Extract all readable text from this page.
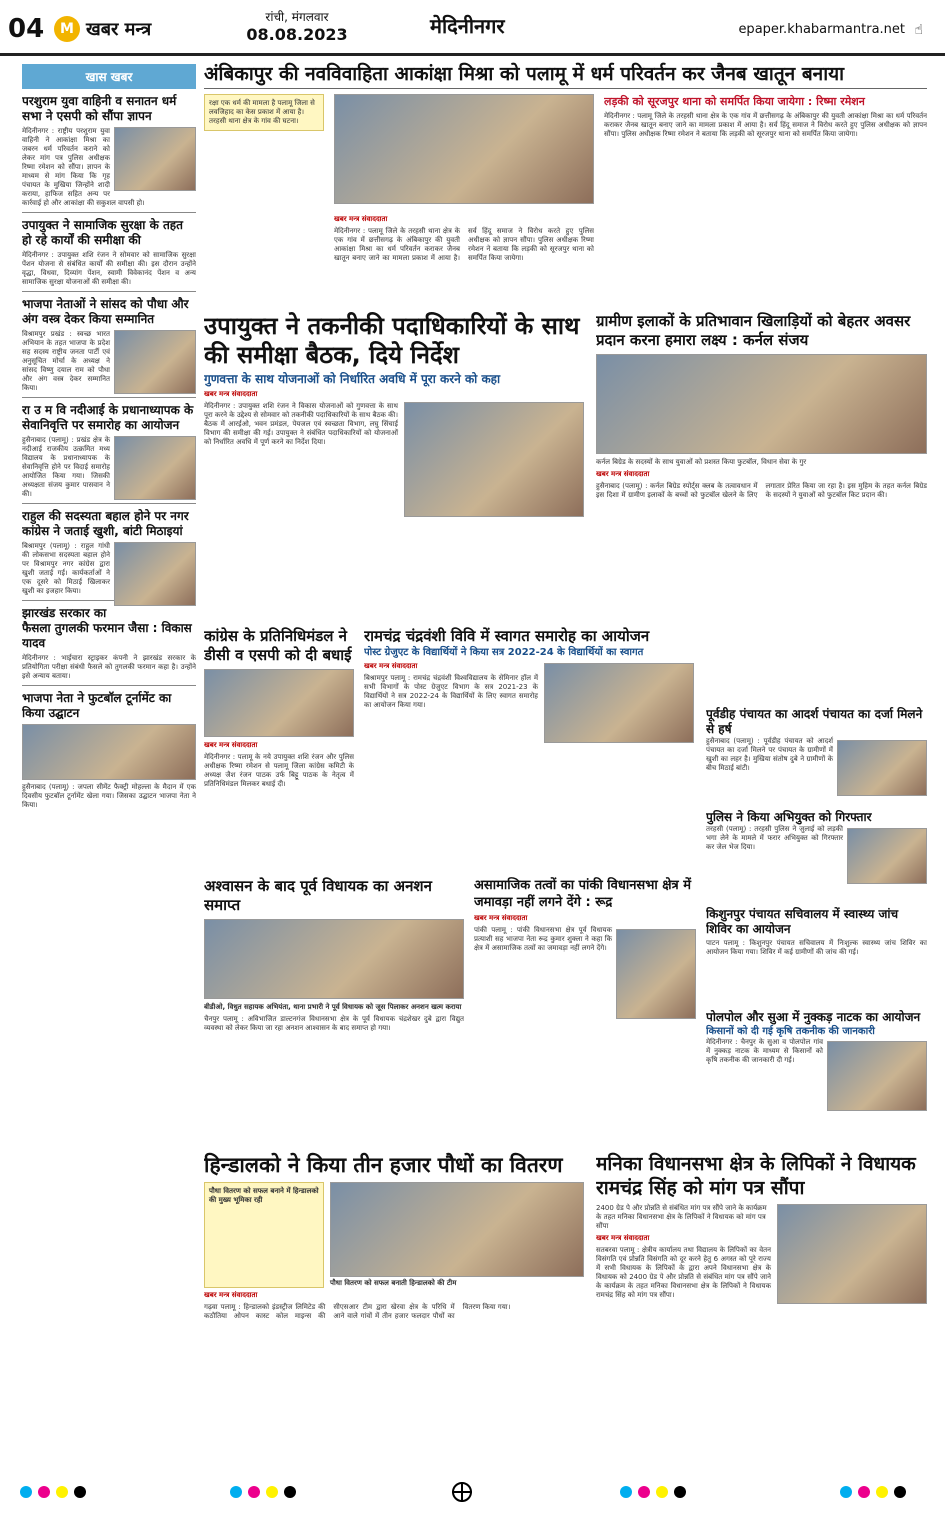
04	M खबर मन्त्र
रांची, मंगलवार
08.08.2023	मेदिनीनगर	epaper.khabarmantra.net ☝
खास खबर
परशुराम युवा वाहिनी व सनातन धर्म सभा ने एसपी को सौंपा ज्ञापन
मेदिनीनगर : राष्ट्रीय परशुराम युवा वाहिनी ने आकांक्षा मिश्रा का जबरन धर्म परिवर्तन कराने को लेकर मांग पत्र पुलिस अधीक्षक रिष्मा रमेशन को सौंपा। ज्ञापन के माध्यम से मांग किया कि गृह पंचायत के मुखिया जिन्होंने शादी कराया, हाफिज सहित अन्य पर कार्रवाई हो और आकांक्षा की सकुशल वापसी हो।
उपायुक्त ने सामाजिक सुरक्षा के तहत हो रहे कार्यों की समीक्षा की
मेदिनीनगर : उपायुक्त शशि रंजन ने सोमवार को सामाजिक सुरक्षा पेंशन योजना से संबंधित कार्यों की समीक्षा की। इस दौरान उन्होंने वृद्धा, विधवा, दिव्यांग पेंशन, स्वामी विवेकानंद पेंशन व अन्य सामाजिक सुरक्षा योजनाओं की समीक्षा की।
भाजपा नेताओं ने सांसद को पौधा और अंग वस्त्र देकर किया सम्मानित
विश्रामपुर प्रखंड : स्वच्छ भारत अभियान के तहत भाजपा के प्रदेश सह सदस्य राष्ट्रीय जनता पार्टी एवं अनुसूचित मोर्चा के अध्यक्ष ने सांसद विष्णु दयाल राम को पौधा और अंग वस्त्र देकर सम्मानित किया।
रा उ म वि नदीआई के प्रधानाध्यापक के सेवानिवृत्ति पर समारोह का आयोजन
हुसैनाबाद (पलामू) : प्रखंड क्षेत्र के नदीआई राजकीय उत्क्रमित मध्य विद्यालय के प्रधानाध्यापक के सेवानिवृत्ति होने पर विदाई समारोह आयोजित किया गया। जिसकी अध्यक्षता संजय कुमार पासवान ने की।
राहुल की सदस्यता बहाल होने पर नगर कांग्रेस ने जताई खुशी, बांटी मिठाइयां
बिश्रामपुर (पलामू) : राहुल गांधी की लोकसभा सदस्यता बहाल होने पर विश्रामपुर नगर कांग्रेस द्वारा खुशी जताई गई। कार्यकर्ताओं ने एक दूसरे को मिठाई खिलाकर खुशी का इजहार किया।
झारखंड सरकार का फैसला तुगलकी फरमान जैसा : विकास यादव
मेदिनीनगर : भाईचारा स्ट्राइकर कंपनी ने झारखंड सरकार के प्रतियोगिता परीक्षा संबंधी फैसले को तुगलकी फरमान कहा है। उन्होंने इसे अन्याय बताया।
भाजपा नेता ने फुटबॉल टूर्नामेंट का किया उद्घाटन
हुसैनाबाद (पलामू) : जपला सीमेंट फैक्ट्री मोहल्ला के मैदान में एक दिवसीय फुटबॉल टूर्नामेंट खेला गया। जिसका उद्घाटन भाजपा नेता ने किया।
अंबिकापुर की नवविवाहिता आकांक्षा मिश्रा को पलामू में धर्म परिवर्तन कर जैनब खातून बनाया
रक्षा एक धर्म की मामला है पलामू जिला से लवजिहाद का केस प्रकाश में आया है। तरहसी थाना क्षेत्र के गांव की घटना।
लड़की को सूरजपुर थाना को समर्पित किया जायेगा : रिष्मा रमेशन
मेदिनीनगर : पलामू जिले के तरहसी थाना क्षेत्र के एक गांव में छत्तीसगढ़ के अंबिकापुर की युवती आकांक्षा मिश्रा का धर्म परिवर्तन कराकर जैनब खातून बनाए जाने का मामला प्रकाश में आया है। सर्व हिंदू समाज ने विरोध करते हुए पुलिस अधीक्षक को ज्ञापन सौंपा। पुलिस अधीक्षक रिष्मा रमेशन ने बताया कि लड़की को सूरजपुर थाना को समर्पित किया जायेगा।
खबर मन्त्र संवाददाता
मेदिनीनगर : पलामू जिले के तरहसी थाना क्षेत्र के एक गांव में छत्तीसगढ़ के अंबिकापुर की युवती आकांक्षा मिश्रा का धर्म परिवर्तन कराकर जैनब खातून बनाए जाने का मामला प्रकाश में आया है। सर्व हिंदू समाज ने विरोध करते हुए पुलिस अधीक्षक को ज्ञापन सौंपा। पुलिस अधीक्षक रिष्मा रमेशन ने बताया कि लड़की को सूरजपुर थाना को समर्पित किया जायेगा।
उपायुक्त ने तकनीकी पदाधिकारियों के साथ की समीक्षा बैठक, दिये निर्देश
गुणवत्ता के साथ योजनाओं को निर्धारित अवधि में पूरा करने को कहा
खबर मन्त्र संवाददाता
मेदिनीनगर : उपायुक्त शशि रंजन ने विकास योजनाओं को गुणवत्ता के साथ पूरा करने के उद्देश्य से सोमवार को तकनीकी पदाधिकारियों के साथ बैठक की। बैठक में आरईओ, भवन प्रमंडल, पेयजल एवं स्वच्छता विभाग, लघु सिंचाई विभाग की समीक्षा की गई। उपायुक्त ने संबंधित पदाधिकारियों को योजनाओं को निर्धारित अवधि में पूर्ण करने का निर्देश दिया।
ग्रामीण इलाकों के प्रतिभावान खिलाड़ियों को बेहतर अवसर प्रदान करना हमारा लक्ष्य : कर्नल संजय
कर्नल बिग्रेड के सदस्यों के साथ युवाओं को प्रशस्त किया फुटबॉल, विधान सेवा के गुर
खबर मन्त्र संवाददाता
हुसैनाबाद (पलामू) : कर्नल बिग्रेड स्पोर्ट्स क्लब के तत्वावधान में इस दिशा में ग्रामीण इलाकों के बच्चों को फुटबॉल खेलने के लिए लगातार प्रेरित किया जा रहा है। इस मुहिम के तहत कर्नल बिग्रेड के सदस्यों ने युवाओं को फुटबॉल किट प्रदान की।
कांग्रेस के प्रतिनिधिमंडल ने डीसी व एसपी को दी बधाई
खबर मन्त्र संवाददाता
मेदिनीनगर : पलामू के नये उपायुक्त शशि रंजन और पुलिस अधीक्षक रिष्मा रमेशन से पलामू जिला कांग्रेस कमिटी के अध्यक्ष जैश रंजन पाठक उर्फ बिट्टू पाठक के नेतृत्व में प्रतिनिधिमंडल मिलकर बधाई दी।
रामचंद्र चंद्रवंशी विवि में स्वागत समारोह का आयोजन
पोस्ट ग्रेजुएट के विद्यार्थियों ने किया सत्र 2022-24 के विद्यार्थियों का स्वागत
खबर मन्त्र संवाददाता
बिश्रामपुर पलामू : रामचंद्र चंद्रवंशी विश्वविद्यालय के सेमिनार हॉल में सभी विभागों के पोस्ट ग्रेजुएट विभाग के सत्र 2021-23 के विद्यार्थियों ने सत्र 2022-24 के विद्यार्थियों के लिए स्वागत समारोह का आयोजन किया गया।
पूर्वडीह पंचायत का आदर्श पंचायत का दर्जा मिलने से हर्ष
हुसैनाबाद (पलामू) : पूर्वडीह पंचायत को आदर्श पंचायत का दर्जा मिलने पर पंचायत के ग्रामीणों में खुशी का लहर है। मुखिया संतोष दुबे ने ग्रामीणों के बीच मिठाई बांटी।
पुलिस ने किया अभियुक्त को गिरफ्तार
तरहसी (पलामू) : तरहसी पुलिस ने जुलाई को लड़की भगा लेने के मामले में फरार अभियुक्त को गिरफ्तार कर जेल भेज दिया।
किशुनपुर पंचायत सचिवालय में स्वास्थ्य जांच शिविर का आयोजन
पाटन पलामू : किशुनपुर पंचायत सचिवालय में निःशुल्क स्वास्थ्य जांच शिविर का आयोजन किया गया। शिविर में कई ग्रामीणों की जांच की गई।
पोलपोल और सुआ में नुक्कड़ नाटक का आयोजन
किसानों को दी गई कृषि तकनीक की जानकारी
मेदिनीनगर : चैनपुर के सुआ व पोलपोल गांव में नुक्कड़ नाटक के माध्यम से किसानों को कृषि तकनीक की जानकारी दी गई।
अश्वासन के बाद पूर्व विधायक का अनशन समाप्त
बीडीओ, विधुत सहायक अभियंता, थाना प्रभारी ने पूर्व विधायक को जूस पिलाकर अनशन खत्म कराया
चैनपुर पलामू : अविभाजित डाल्टनगंज विधानसभा क्षेत्र के पूर्व विधायक चंद्रशेखर दुबे द्वारा विद्युत व्यवस्था को लेकर किया जा रहा अनशन आश्वासन के बाद समाप्त हो गया।
असामाजिक तत्वों का पांकी विधानसभा क्षेत्र में जमावड़ा नहीं लगने देंगे : रूद्र
खबर मन्त्र संवाददाता
पांकी पलामू : पांकी विधानसभा क्षेत्र पूर्व विधायक प्रत्याशी सह भाजपा नेता रूद्र कुमार शुक्ला ने कहा कि क्षेत्र में असामाजिक तत्वों का जमावड़ा नहीं लगने देंगे।
हिन्डालको ने किया तीन हजार पौधों का वितरण
पौधा वितरण को सफल बनाने में हिन्डालको की मुख्य भूमिका रही
पौधा वितरण को सफल बनाती हिन्डालको की टीम
खबर मन्त्र संवाददाता
गढ़वा पलामू : हिन्डालको इंडस्ट्रीज लिमिटेड की कठौतिया ओपन कास्ट कोल माइन्स की सीएसआर टीम द्वारा खेरवा क्षेत्र के परिधि में आने वाले गांवों में तीन हजार फलदार पौधों का वितरण किया गया।
मनिका विधानसभा क्षेत्र के लिपिकों ने विधायक रामचंद्र सिंह को मांग पत्र सौंपा
2400 ग्रेड पे और प्रोन्नति से संबंधित मांग पत्र सौंपे जाने के कार्यक्रम के तहत मनिका विधानसभा क्षेत्र के लिपिकों ने विधायक को मांग पत्र सौंपा
खबर मन्त्र संवाददाता
सतबरवा पलामू : क्षेत्रीय कार्यालय तथा विद्यालय के लिपिकों का वेतन विसंगति एवं प्रोन्नति विसंगति को दूर करने हेतु 6 अगस्त को पूरे राज्य में सभी विधायक के लिपिकों के द्वारा अपने विधानसभा क्षेत्र के विधायक को 2400 ग्रेड पे और प्रोन्नति से संबंधित मांग पत्र सौंपे जाने के कार्यक्रम के तहत मनिका विधानसभा क्षेत्र के लिपिकों ने विधायक रामचंद्र सिंह को मांग पत्र सौंपा।
